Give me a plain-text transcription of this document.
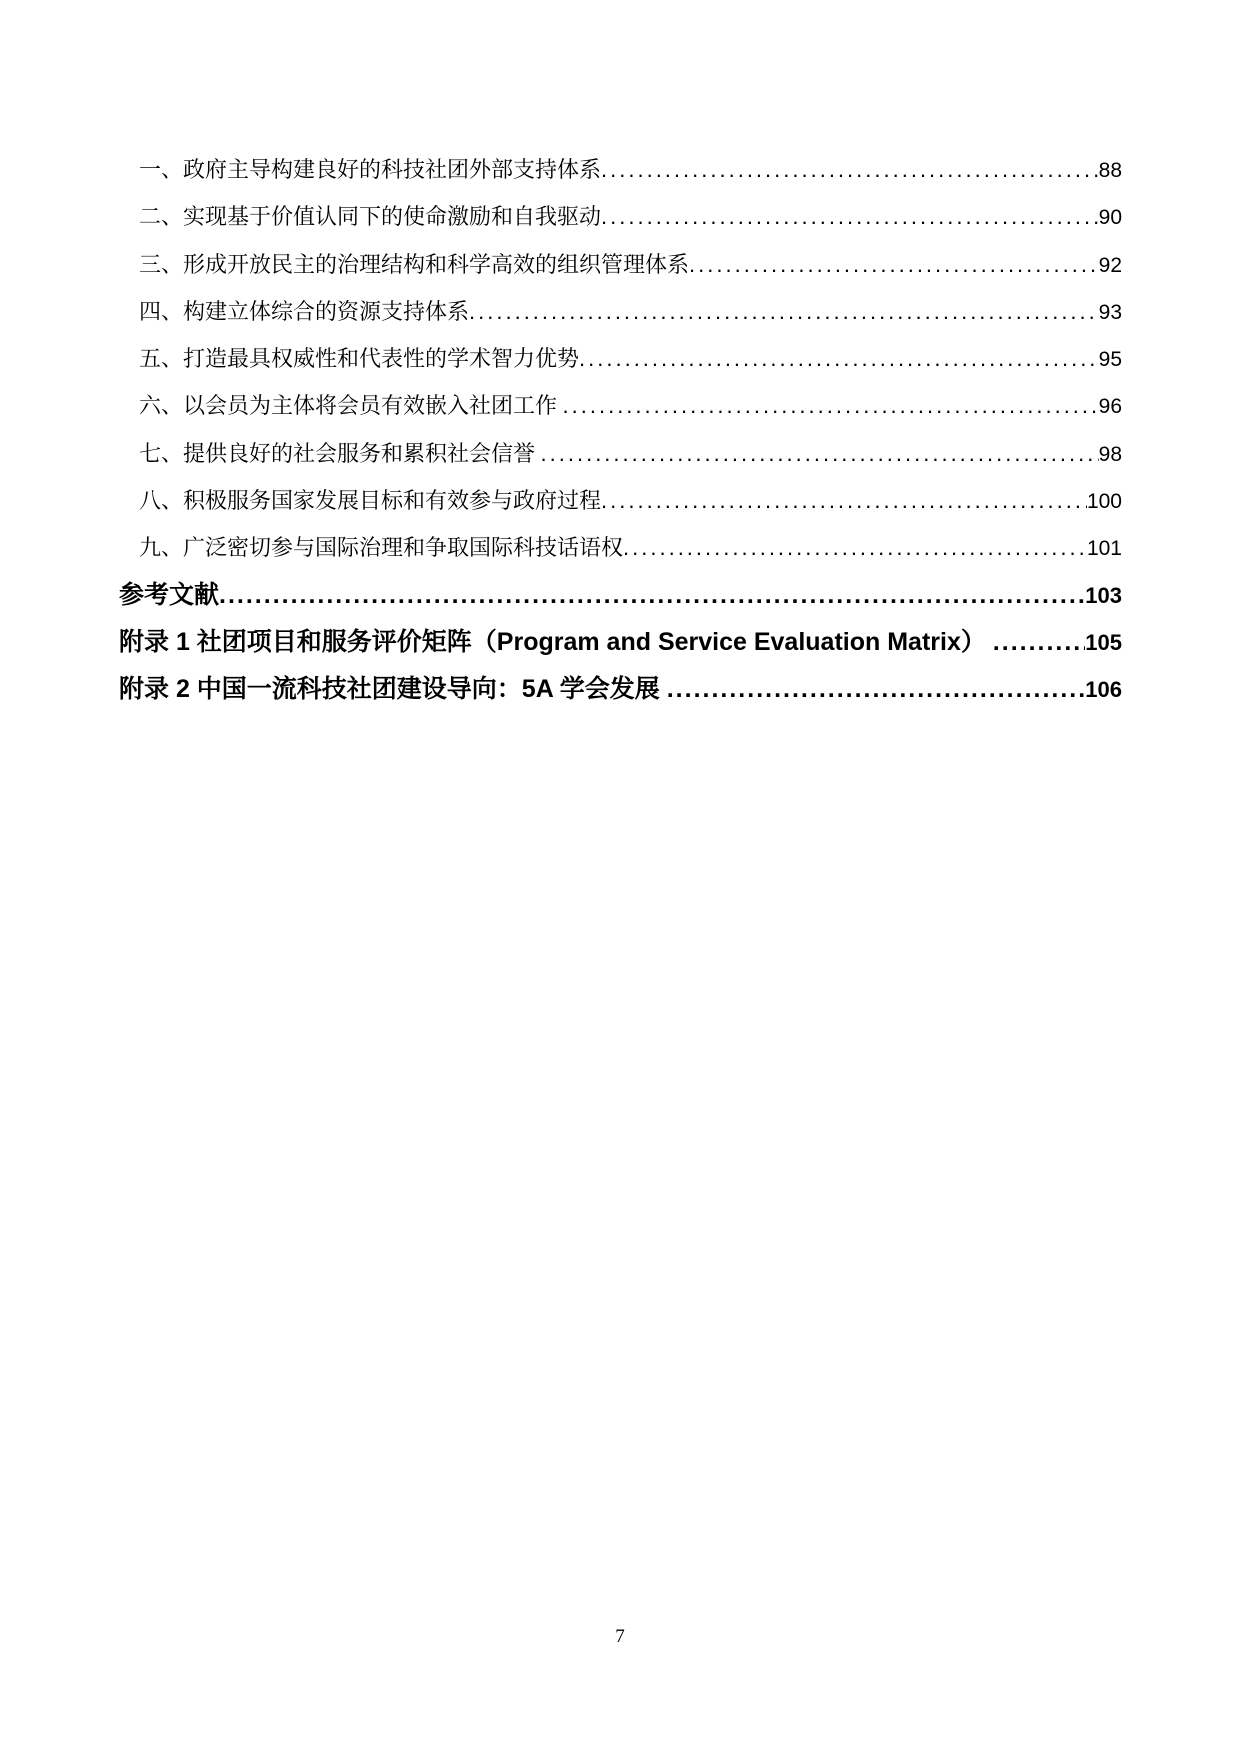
一、政府主导构建良好的科技社团外部支持体系 .....	88
二、实现基于价值认同下的使命激励和自我驱动 .....	90
三、形成开放民主的治理结构和科学高效的组织管理体系 .....	92
四、构建立体综合的资源支持体系 .....	93
五、打造最具权威性和代表性的学术智力优势 .....	95
六、以会员为主体将会员有效嵌入社团工作 .....	96
七、提供良好的社会服务和累积社会信誉 .....	98
八、积极服务国家发展目标和有效参与政府过程 .....	100
九、广泛密切参与国际治理和争取国际科技话语权 .....	101
参考文献 .....	103
附录 1 社团项目和服务评价矩阵（Program and Service Evaluation Matrix） .....	105
附录 2 中国一流科技社团建设导向：5A 学会发展 .....	106
7
